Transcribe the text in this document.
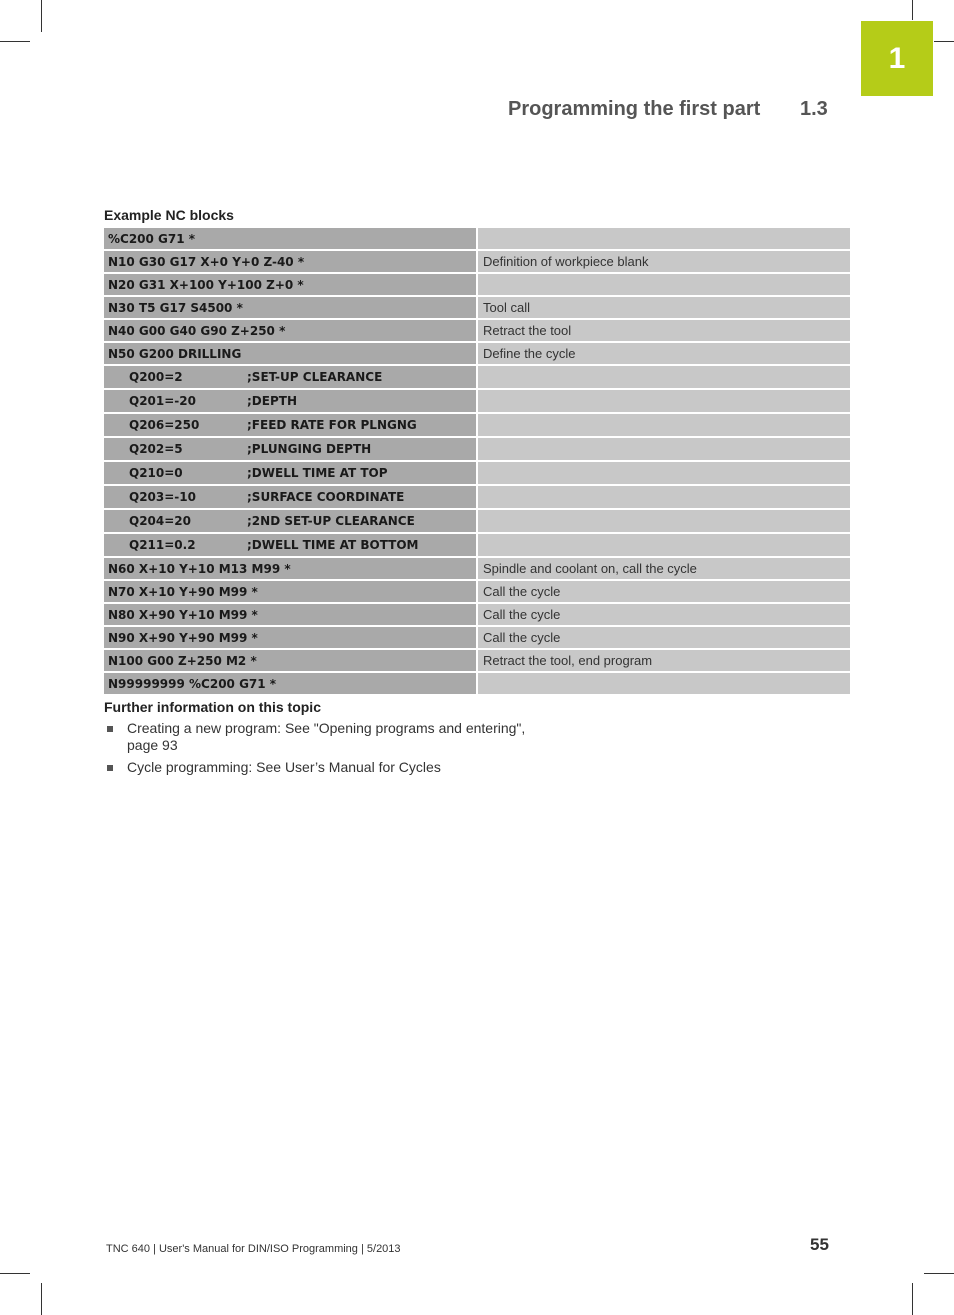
1
Programming the first part 1.3
Example NC blocks
%C200 G71 *
N10 G30 G17 X+0 Y+0 Z-40 *	Definition of workpiece blank
N20 G31 X+100 Y+100 Z+0 *
N30 T5 G17 S4500 *	Tool call
N40 G00 G40 G90 Z+250 *	Retract the tool
N50 G200 DRILLING	Define the cycle
Q200=2	;SET-UP CLEARANCE
Q201=-20	;DEPTH
Q206=250	;FEED RATE FOR PLNGNG
Q202=5	;PLUNGING DEPTH
Q210=0	;DWELL TIME AT TOP
Q203=-10	;SURFACE COORDINATE
Q204=20	;2ND SET-UP CLEARANCE
Q211=0.2	;DWELL TIME AT BOTTOM
N60 X+10 Y+10 M13 M99 *	Spindle and coolant on, call the cycle
N70 X+10 Y+90 M99 *	Call the cycle
N80 X+90 Y+10 M99 *	Call the cycle
N90 X+90 Y+90 M99 *	Call the cycle
N100 G00 Z+250 M2 *	Retract the tool, end program
N99999999 %C200 G71 *
Further information on this topic
Creating a new program: See "Opening programs and entering",
page 93
Cycle programming: See User’s Manual for Cycles
TNC 640 | User's Manual for DIN/ISO Programming | 5/2013	55
